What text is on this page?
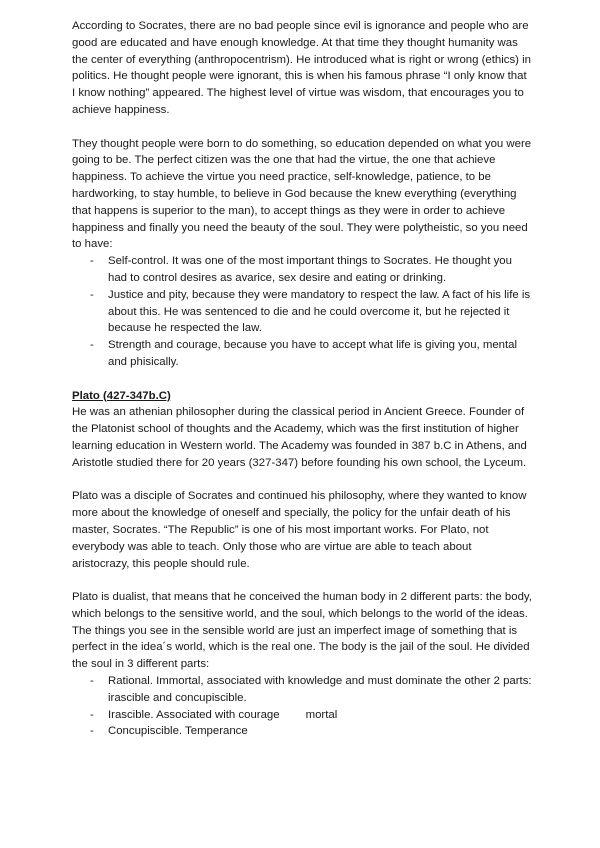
According to Socrates, there are no bad people since evil is ignorance and people who are good are educated and have enough knowledge. At that time they thought humanity was the center of everything (anthropocentrism). He introduced what is right or wrong (ethics) in politics. He thought people were ignorant, this is when his famous phrase “I only know that I know nothing” appeared. The highest level of virtue was wisdom, that encourages you to achieve happiness.

They thought people were born to do something, so education depended on what you were going to be. The perfect citizen was the one that had the virtue, the one that achieve happiness. To achieve the virtue you need practice, self-knowledge, patience, to be hardworking, to stay humble, to believe in God because the knew everything (everything that happens is superior to the man), to accept things as they were in order to achieve happiness and finally you need the beauty of the soul. They were polytheistic, so you need to have:

- Self-control. It was one of the most important things to Socrates. He thought you had to control desires as avarice, sex desire and eating or drinking.
- Justice and pity, because they were mandatory to respect the law. A fact of his life is about this. He was sentenced to die and he could overcome it, but he rejected it because he respected the law.
- Strength and courage, because you have to accept what life is giving you, mental and phisically.

Plato (427-347b.C)

He was an athenian philosopher during the classical period in Ancient Greece. Founder of the Platonist school of thoughts and the Academy, which was the first institution of higher learning education in Western world. The Academy was founded in 387 b.C in Athens, and Aristotle studied there for 20 years (327-347) before founding his own school, the Lyceum.

Plato was a disciple of Socrates and continued his philosophy, where they wanted to know more about the knowledge of oneself and specially, the policy for the unfair death of his master, Socrates. “The Republic” is one of his most important works. For Plato, not everybody was able to teach. Only those who are virtue are able to teach about aristocrazy, this people should rule.

Plato is dualist, that means that he conceived the human body in 2 different parts: the body, which belongs to the sensitive world, and the soul, which belongs to the world of the ideas. The things you see in the sensible world are just an imperfect image of something that is perfect in the idea´s world, which is the real one. The body is the jail of the soul. He divided the soul in 3 different parts:

- Rational. Immortal, associated with knowledge and must dominate the other 2 parts: irascible and concupiscible.
- Irascible. Associated with courage mortal
- Concupiscible. Temperance
